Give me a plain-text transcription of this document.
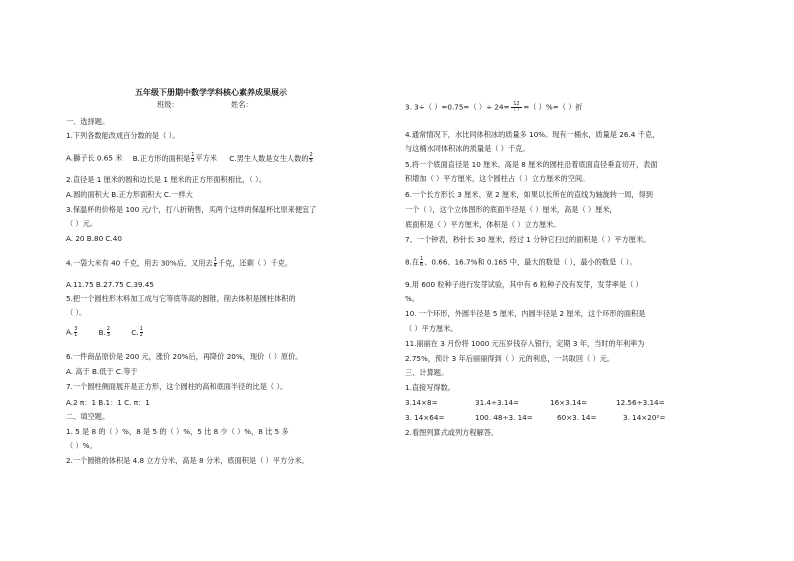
五年级下册期中数学学科核心素养成果展示
班级：	姓名：
一、选择题。
1.下列各数能改成百分数的是（ ）。
A.獅子长 0.65 米 B.正方形的面积是 $\frac{1}{2}$ 平方米 C.男生人数是女生人数的 $\frac{2}{5}$
2.直径是 1 厘米的圆和边长是 1 厘米的正方形面积相比，（ ）。
A.圆的面积大 B.正方形面积大 C.一样大
3.保温杯的价格是 100 元/个，打八折销售，买两个这样的保温杯比原来便宜了
（ ）元。
A. 20 B.80 C.40
4.一袋大米有 40 千克，用去 30%后，又用去 $\frac{1}{4}$ 千克，还剩（ ）千克。
A.11.75 B.27.75 C.39.45
5.把一个圆柱形木料加工成与它等底等高的圆锥，削去体积是圆柱体积的
（ ）。
A. $\frac{3}{1}$	B. $\frac{2}{3}$	C. $\frac{1}{2}$
6.一件商品原价是 200 元，涨价 20%后，再降价 20%，现价（ ）原价。
A. 高于 B.低于 C.等于
7.一个圆柱侧面展开是正方形，这个圆柱的高和底面半径的比是（ ）。
A.2 π：1 B.1：1 C. π：1
二、填空题。
1. 5 是 8 的（ ）%，8 是 5 的（ ）%，5 比 8 少（ ）%，8 比 5 多
（ ）%。
2.一个圆锥的体积是 4.8 立方分米，高是 8 分米，底面积是（ ）平方分米。
3. 3÷（ ）=0.75=（ ）÷ $24= \frac{12}{( )}$ =（ ）%=（ ）折
4.通常情况下，水比同体积冰的质量多 10%。现有一桶水，质量是 26.4 千克，
与这桶水同体积冰的质量是（ ）千克。
5.将一个底面直径是 10 厘米、高是 8 厘米的圆柱沿着底面直径垂直切开，表面
积增加（ ）平方厘米，这个圆柱占（ ）立方厘米的空间。
6.一个长方形长 3 厘米、宽 2 厘米，如果以长所在的直线为轴旋转一周，得到
一个（ ），这个立体图形的底面半径是（ ）厘米，高是（ ）厘米，
底面积是（ ）平方厘米，体积是（ ）立方厘米。
7、一个钟表，秒针长 30 厘米，经过 1 分钟它扫过的面积是（ ）平方厘米。
8.在 $\frac{1}{6}$ 、0.66、16.7%和 0.165 中，最大的数是（ ），最小的数是（ ）。
9.用 600 粒种子进行发芽试验，其中有 6 粒种子没有发芽，发芽率是（ ）
%。
10. 一个环形，外圆半径是 5 厘米，内圆半径是 2 厘米，这个环形的面积是
（ ）平方厘米。
11.丽丽在 3 月份将 1000 元压岁钱存入银行，定期 3 年，当时的年利率为
2.75%，预计 3 年后丽丽得到（ ）元的利息，一共取回（ ）元。
三、计算题。
1.直接写得数。
3.14×8=	31.4÷3.14=	16×3.14=	12.56÷3.14=
3. 14×64=	100. 48÷3. 14=	60×3. 14=	3. 14×20²=
2.看图列算式或列方程解答。
